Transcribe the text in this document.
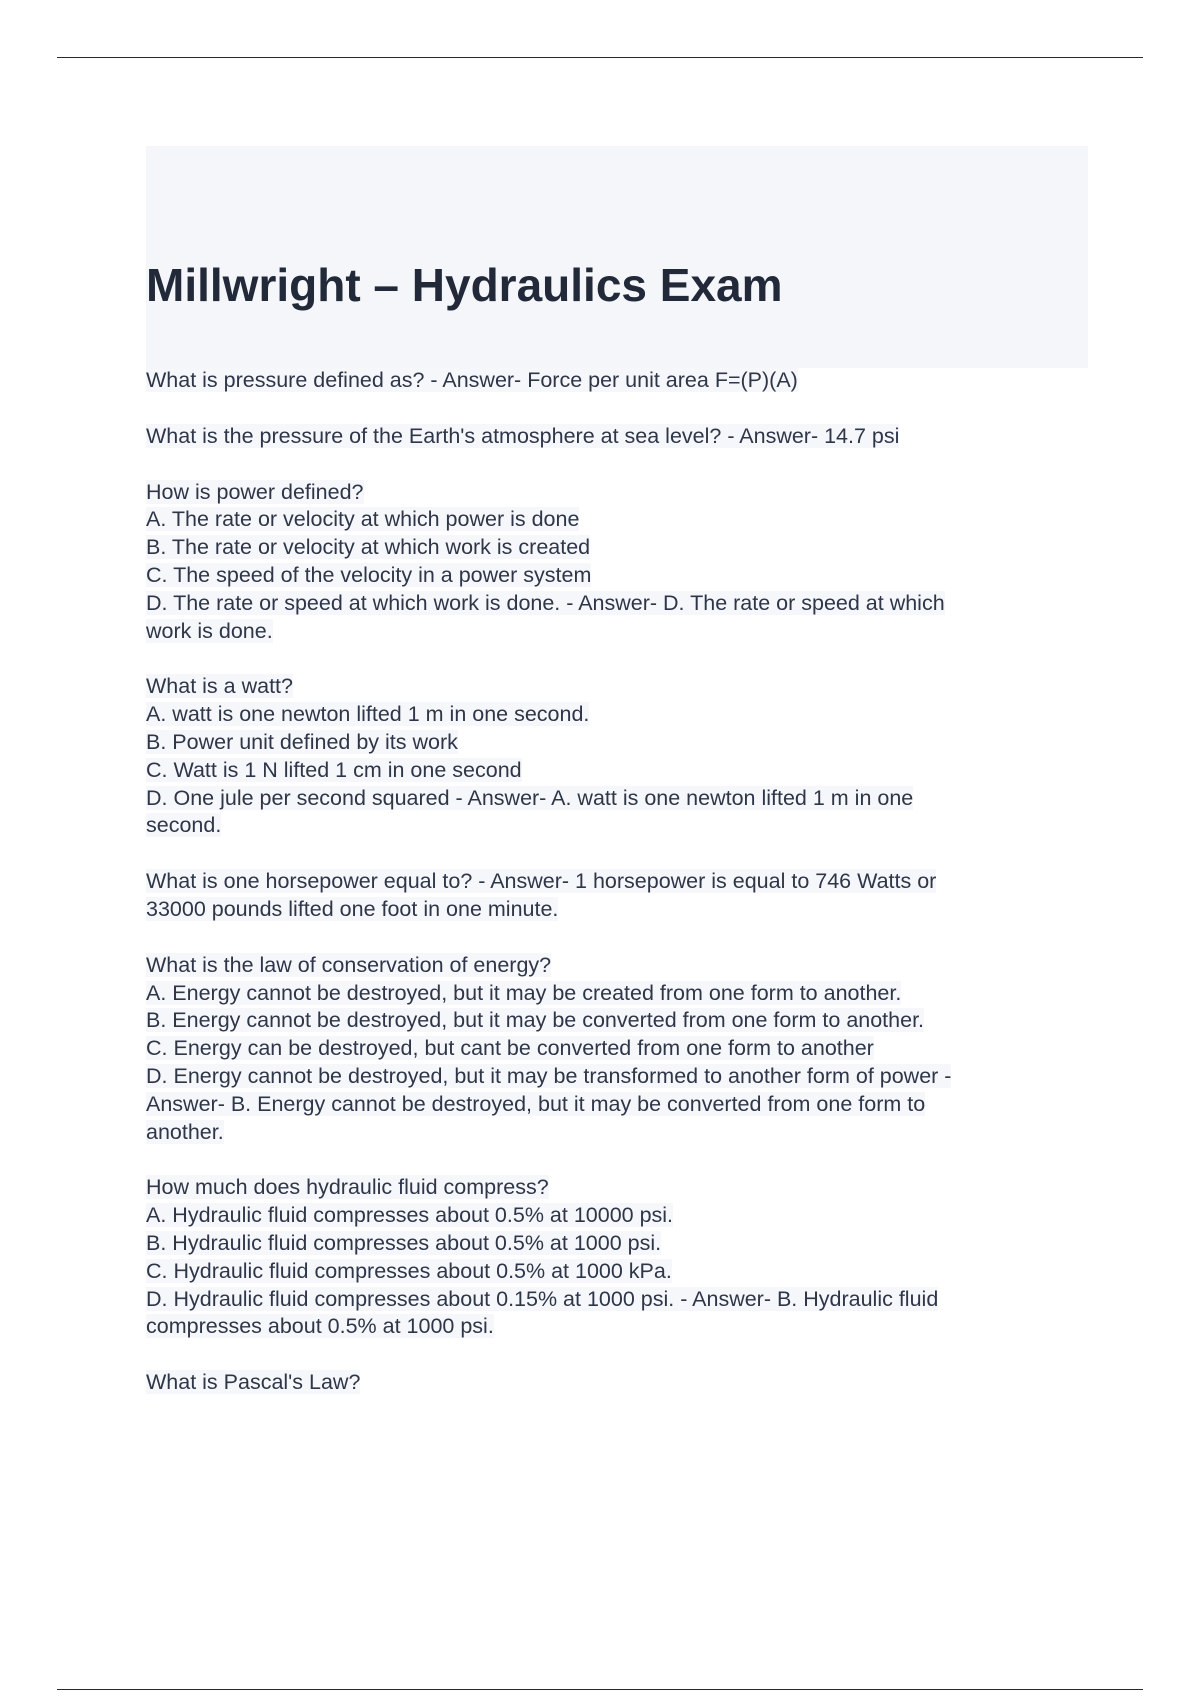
Millwright – Hydraulics Exam
What is pressure defined as? - Answer- Force per unit area F=(P)(A)
What is the pressure of the Earth's atmosphere at sea level? - Answer- 14.7 psi
How is power defined?
A. The rate or velocity at which power is done
B. The rate or velocity at which work is created
C. The speed of the velocity in a power system
D. The rate or speed at which work is done. - Answer- D. The rate or speed at which
work is done.
What is a watt?
A. watt is one newton lifted 1 m in one second.
B. Power unit defined by its work
C. Watt is 1 N lifted 1 cm in one second
D. One jule per second squared - Answer- A. watt is one newton lifted 1 m in one
second.
What is one horsepower equal to? - Answer- 1 horsepower is equal to 746 Watts or
33000 pounds lifted one foot in one minute.
What is the law of conservation of energy?
A. Energy cannot be destroyed, but it may be created from one form to another.
B. Energy cannot be destroyed, but it may be converted from one form to another.
C. Energy can be destroyed, but cant be converted from one form to another
D. Energy cannot be destroyed, but it may be transformed to another form of power -
Answer- B. Energy cannot be destroyed, but it may be converted from one form to
another.
How much does hydraulic fluid compress?
A. Hydraulic fluid compresses about 0.5% at 10000 psi.
B. Hydraulic fluid compresses about 0.5% at 1000 psi.
C. Hydraulic fluid compresses about 0.5% at 1000 kPa.
D. Hydraulic fluid compresses about 0.15% at 1000 psi. - Answer- B. Hydraulic fluid
compresses about 0.5% at 1000 psi.
What is Pascal's Law?
